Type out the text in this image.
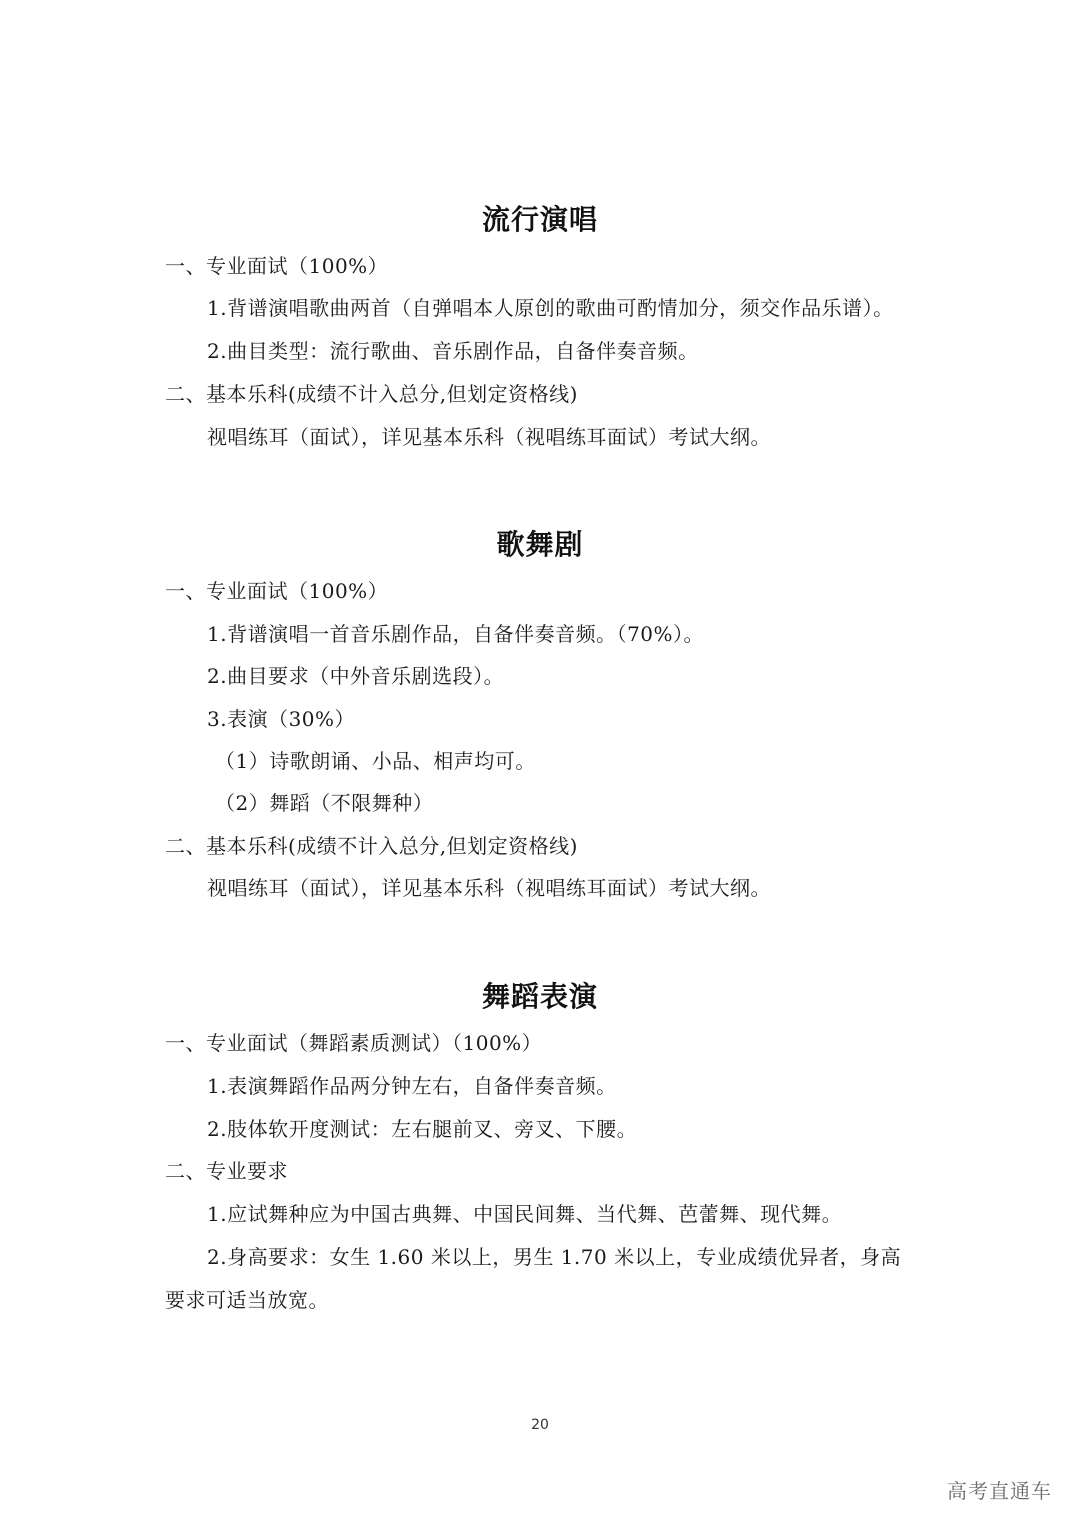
流行演唱
一、专业面试（100%）
1.背谱演唱歌曲两首（自弹唱本人原创的歌曲可酌情加分，须交作品乐谱）。
2.曲目类型：流行歌曲、音乐剧作品，自备伴奏音频。
二、基本乐科(成绩不计入总分,但划定资格线)
视唱练耳（面试），详见基本乐科（视唱练耳面试）考试大纲。
歌舞剧
一、专业面试（100%）
1.背谱演唱一首音乐剧作品，自备伴奏音频。（70%）。
2.曲目要求（中外音乐剧选段）。
3.表演（30%）
（1）诗歌朗诵、小品、相声均可。
（2）舞蹈（不限舞种）
二、基本乐科(成绩不计入总分,但划定资格线)
视唱练耳（面试），详见基本乐科（视唱练耳面试）考试大纲。
舞蹈表演
一、专业面试（舞蹈素质测试）（100%）
1.表演舞蹈作品两分钟左右，自备伴奏音频。
2.肢体软开度测试：左右腿前叉、旁叉、下腰。
二、专业要求
1.应试舞种应为中国古典舞、中国民间舞、当代舞、芭蕾舞、现代舞。
2.身高要求：女生 1.60 米以上，男生 1.70 米以上，专业成绩优异者，身高
要求可适当放宽。
20
高考直通车
